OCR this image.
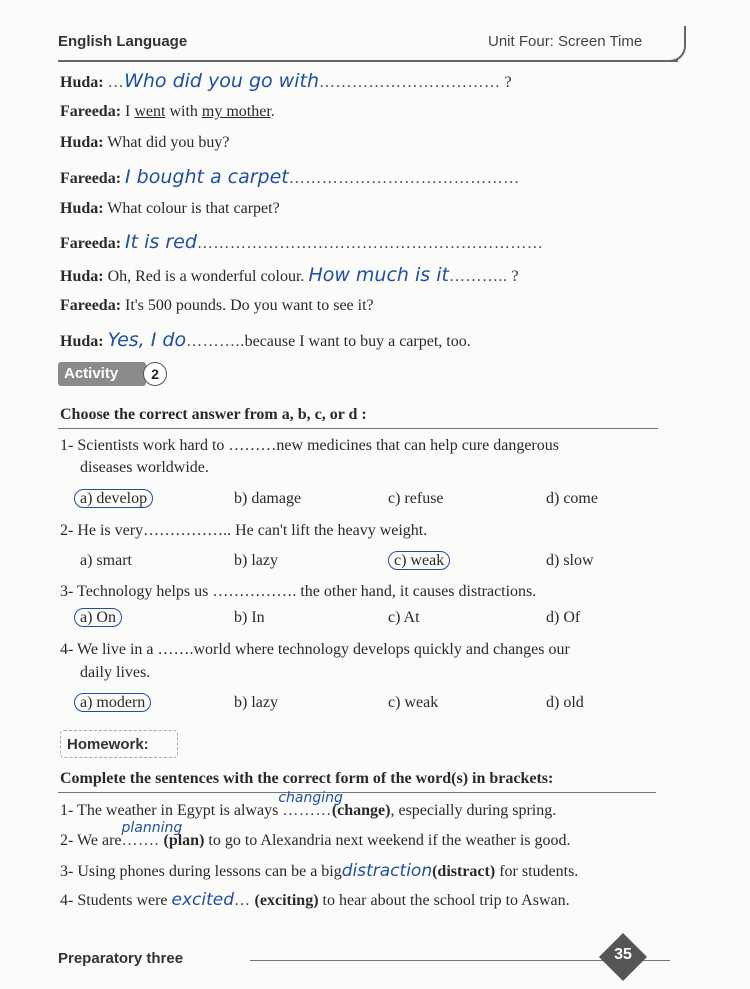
English Language	Unit Four: Screen Time
Huda: …Who did you go with…………………………… ?
Fareeda: I went with my mother.
Huda: What did you buy?
Fareeda: I bought a carpet……………………………………
Huda: What colour is that carpet?
Fareeda: It is red………………………………………………………
Huda: Oh, Red is a wonderful colour. How much is it……….. ?
Fareeda: It's 500 pounds. Do you want to see it?
Huda: Yes, I do………..because I want to buy a carpet, too.
Activity	2
Choose the correct answer from a, b, c, or d :
1- Scientists work hard to ………new medicines that can help cure dangerous
diseases worldwide.
a) develop	b) damage	c) refuse	d) come
2- He is very…………….. He can't lift the heavy weight.
a) smart	b) lazy	c) weak	d) slow
3- Technology helps us ……………. the other hand, it causes distractions.
a) On	b) In	c) At	d) Of
4- We live in a …….world where technology develops quickly and changes our
daily lives.
a) modern	b) lazy	c) weak	d) old
Homework:
Complete the sentences with the correct form of the word(s) in brackets:
1- The weather in Egypt is always ………
changing
(change), especially during spring.
2- We are…….
planning
(plan) to go to Alexandria next weekend if the weather is good.
3- Using phones during lessons can be a bigdistraction(distract) for students.
4- Students were excited… (exciting) to hear about the school trip to Aswan.
Preparatory three	35
